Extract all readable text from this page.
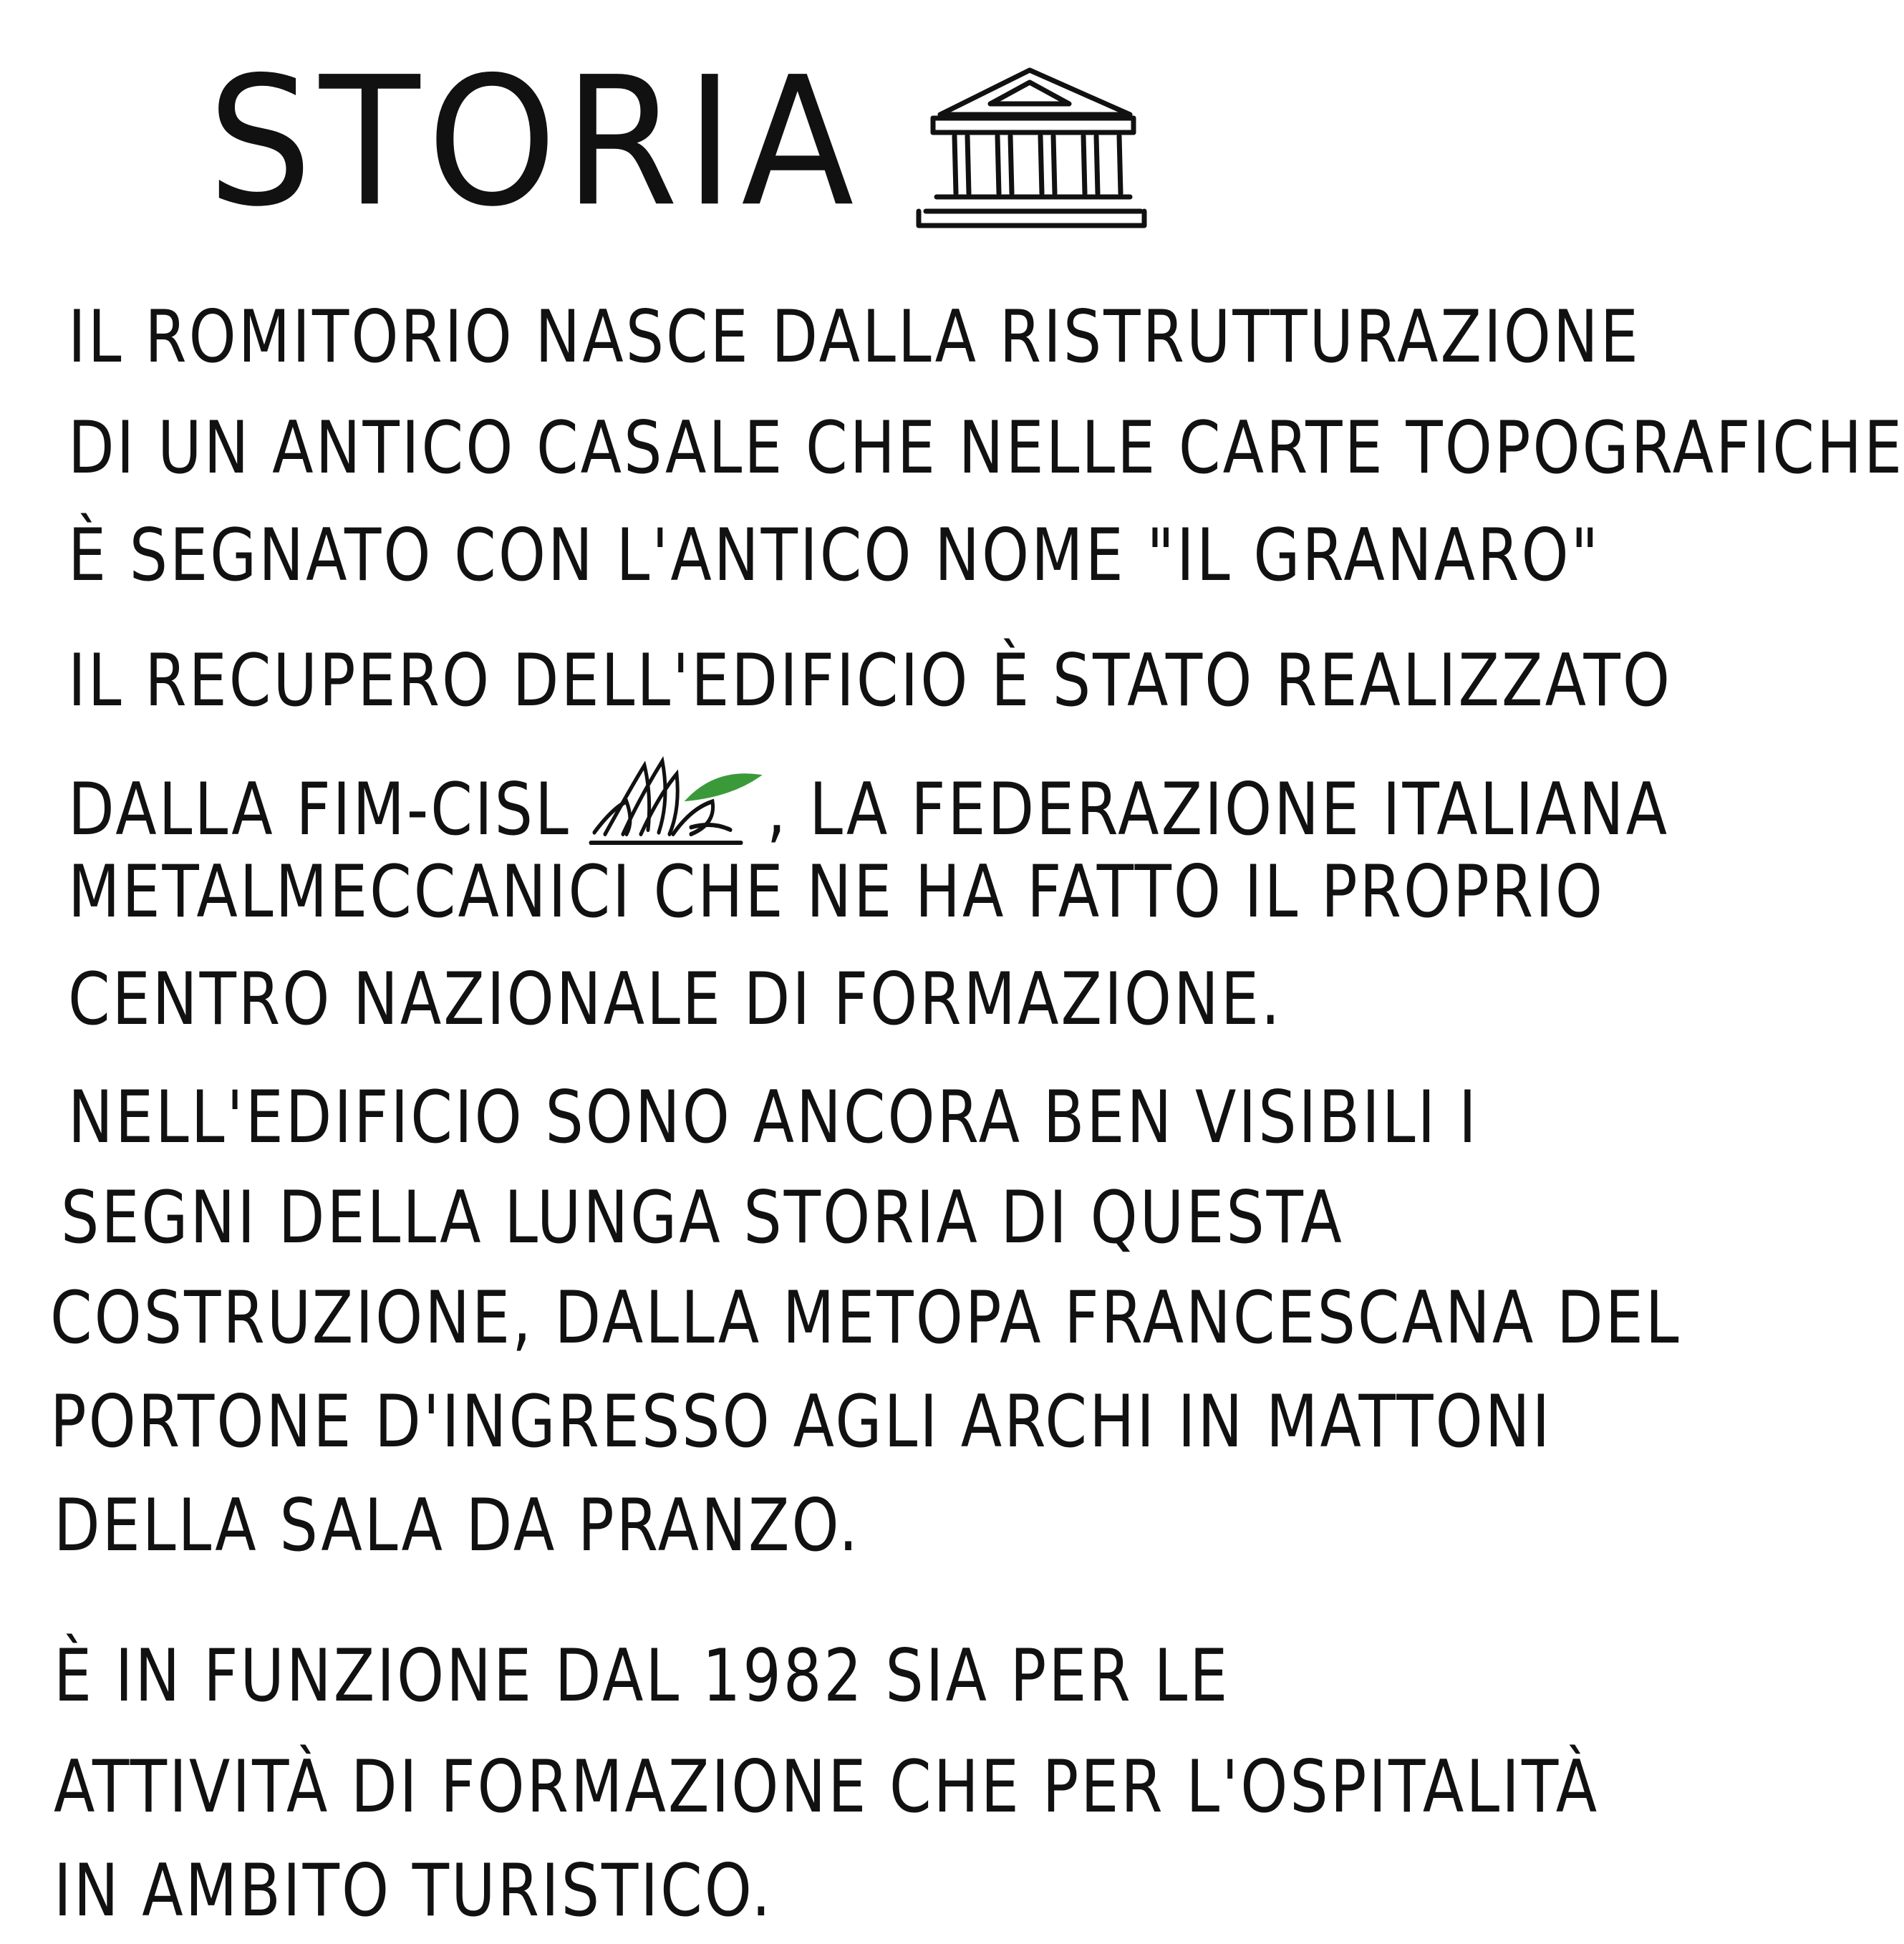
STORIA
IL ROMITORIO NASCE DALLA RISTRUTTURAZIONE
DI UN ANTICO CASALE CHE NELLE CARTE TOPOGRAFICHE
È SEGNATO CON L'ANTICO NOME "IL GRANARO"
IL RECUPERO DELL'EDIFICIO È STATO REALIZZATO
DALLA FIM-CISL	, LA FEDERAZIONE ITALIANA
METALMECCANICI CHE NE HA FATTO IL PROPRIO
CENTRO NAZIONALE DI FORMAZIONE.
NELL'EDIFICIO SONO ANCORA BEN VISIBILI I
SEGNI DELLA LUNGA STORIA DI QUESTA
COSTRUZIONE, DALLA METOPA FRANCESCANA DEL
PORTONE D'INGRESSO AGLI ARCHI IN MATTONI
DELLA SALA DA PRANZO.
È IN FUNZIONE DAL 1982 SIA PER LE
ATTIVITÀ DI FORMAZIONE CHE PER L'OSPITALITÀ
IN AMBITO TURISTICO.
